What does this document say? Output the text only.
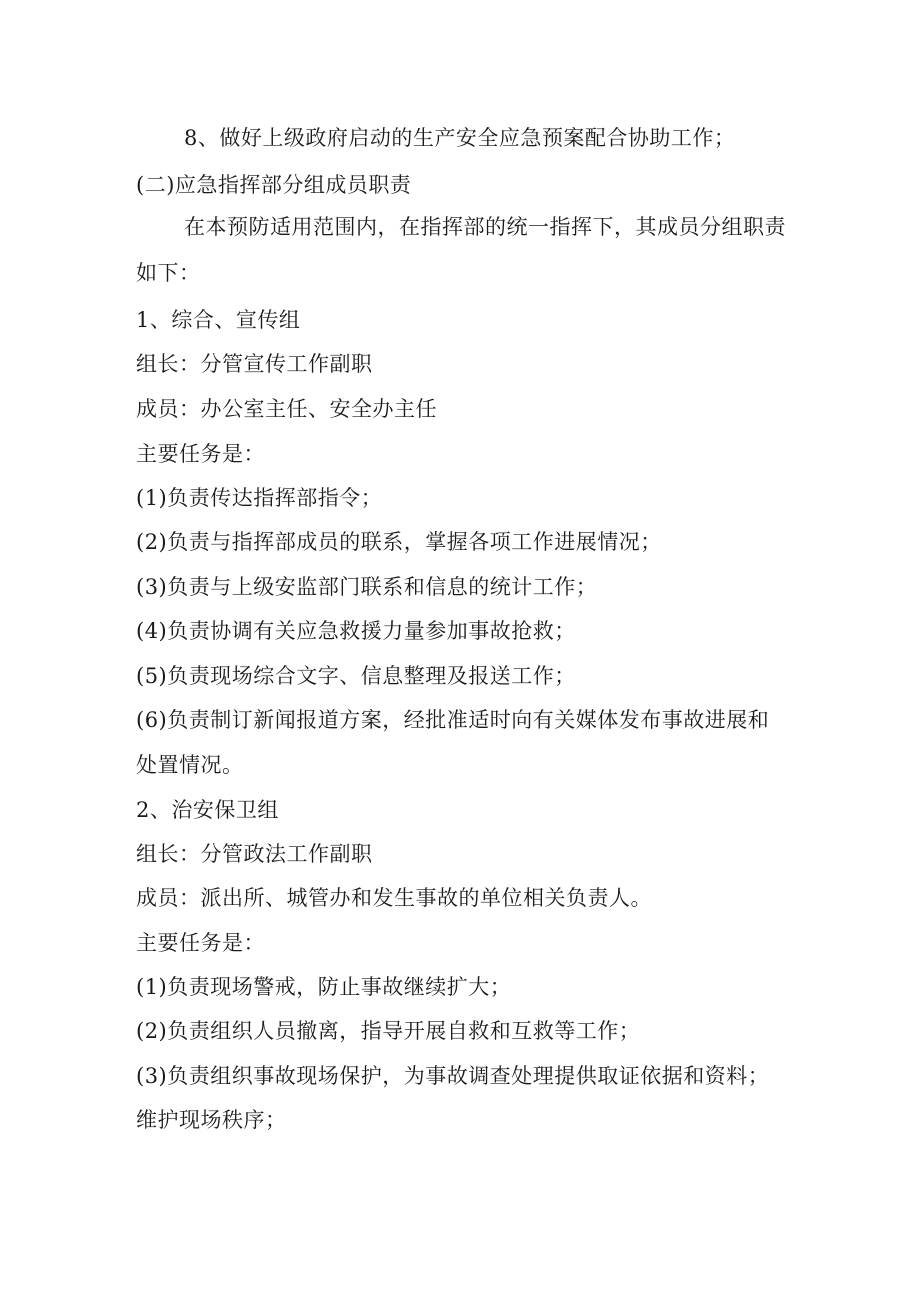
8、做好上级政府启动的生产安全应急预案配合协助工作；
(二)应急指挥部分组成员职责
在本预防适用范围内，在指挥部的统一指挥下，其成员分组职责
如下：
1、综合、宣传组
组长：分管宣传工作副职
成员：办公室主任、安全办主任
主要任务是：
(1)负责传达指挥部指令；
(2)负责与指挥部成员的联系，掌握各项工作进展情况；
(3)负责与上级安监部门联系和信息的统计工作；
(4)负责协调有关应急救援力量参加事故抢救；
(5)负责现场综合文字、信息整理及报送工作；
(6)负责制订新闻报道方案，经批准适时向有关媒体发布事故进展和
处置情况。
2、治安保卫组
组长：分管政法工作副职
成员：派出所、城管办和发生事故的单位相关负责人。
主要任务是：
(1)负责现场警戒，防止事故继续扩大；
(2)负责组织人员撤离，指导开展自救和互救等工作；
(3)负责组织事故现场保护，为事故调查处理提供取证依据和资料；
维护现场秩序；
